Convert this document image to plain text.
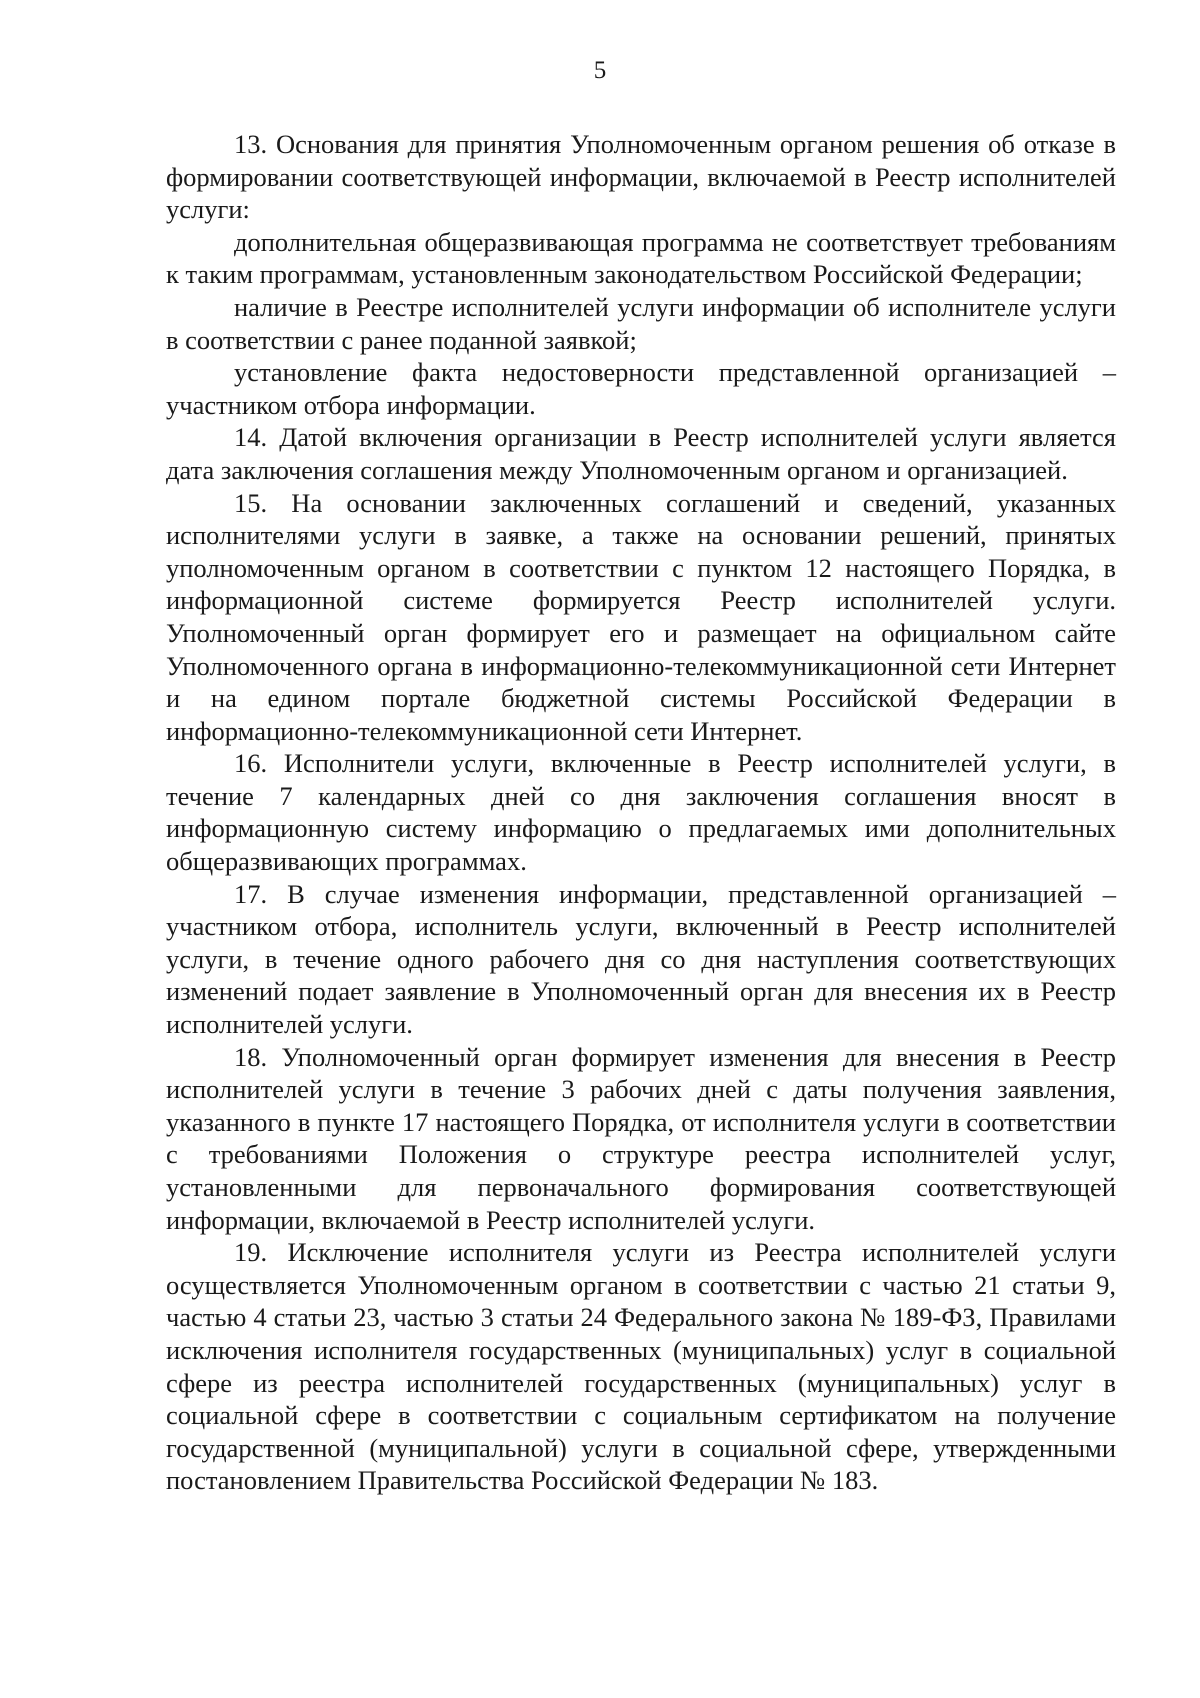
5

13. Основания для принятия Уполномоченным органом решения об отказе в формировании соответствующей информации, включаемой в Реестр исполнителей услуги:

дополнительная общеразвивающая программа не соответствует требованиям к таким программам, установленным законодательством Российской Федерации;

наличие в Реестре исполнителей услуги информации об исполнителе услуги в соответствии с ранее поданной заявкой;

установление факта недостоверности представленной организацией – участником отбора информации.

14. Датой включения организации в Реестр исполнителей услуги является дата заключения соглашения между Уполномоченным органом и организацией.

15. На основании заключенных соглашений и сведений, указанных исполнителями услуги в заявке, а также на основании решений, принятых уполномоченным органом в соответствии с пунктом 12 настоящего Порядка, в информационной системе формируется Реестр исполнителей услуги. Уполномоченный орган формирует его и размещает на официальном сайте Уполномоченного органа в информационно-телекоммуникационной сети Интернет и на едином портале бюджетной системы Российской Федерации в информационно-телекоммуникационной сети Интернет.

16. Исполнители услуги, включенные в Реестр исполнителей услуги, в течение 7 календарных дней со дня заключения соглашения вносят в информационную систему информацию о предлагаемых ими дополнительных общеразвивающих программах.

17. В случае изменения информации, представленной организацией – участником отбора, исполнитель услуги, включенный в Реестр исполнителей услуги, в течение одного рабочего дня со дня наступления соответствующих изменений подает заявление в Уполномоченный орган для внесения их в Реестр исполнителей услуги.

18. Уполномоченный орган формирует изменения для внесения в Реестр исполнителей услуги в течение 3 рабочих дней с даты получения заявления, указанного в пункте 17 настоящего Порядка, от исполнителя услуги в соответствии с требованиями Положения о структуре реестра исполнителей услуг, установленными для первоначального формирования соответствующей информации, включаемой в Реестр исполнителей услуги.

19. Исключение исполнителя услуги из Реестра исполнителей услуги осуществляется Уполномоченным органом в соответствии с частью 21 статьи 9, частью 4 статьи 23, частью 3 статьи 24 Федерального закона № 189-ФЗ, Правилами исключения исполнителя государственных (муниципальных) услуг в социальной сфере из реестра исполнителей государственных (муниципальных) услуг в социальной сфере в соответствии с социальным сертификатом на получение государственной (муниципальной) услуги в социальной сфере, утвержденными постановлением Правительства Российской Федерации № 183.
